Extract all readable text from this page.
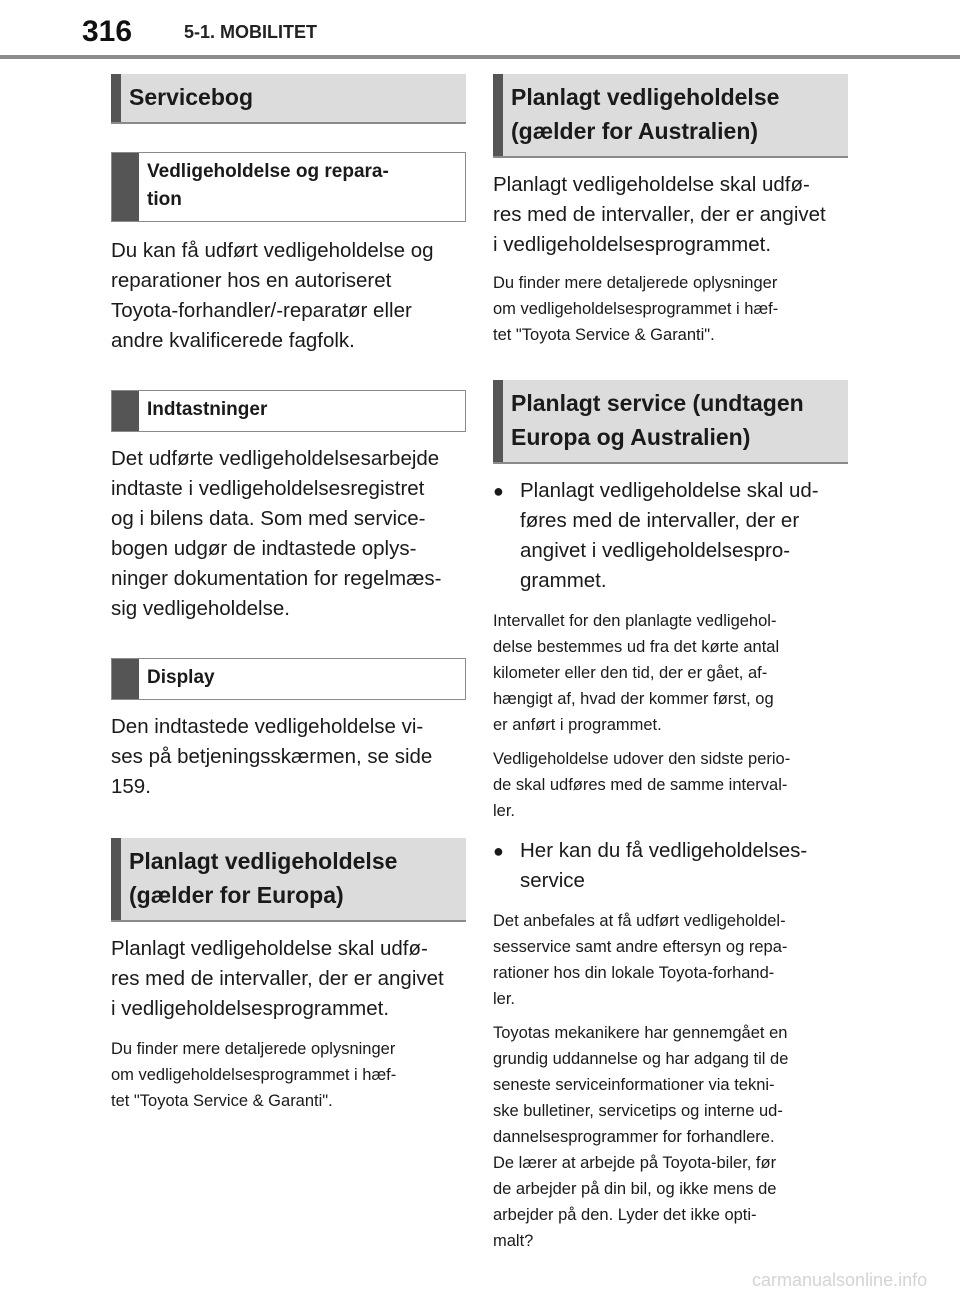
316	5-1. MOBILITET
Servicebog
Vedligeholdelse og repara-
tion

Du kan få udført vedligeholdelse og
reparationer hos en autoriseret
Toyota-forhandler/-reparatør eller
andre kvalificerede fagfolk.

Indtastninger

Det udførte vedligeholdelsesarbejde
indtaste i vedligeholdelsesregistret
og i bilens data. Som med service-
bogen udgør de indtastede oplys-
ninger dokumentation for regelmæs-
sig vedligeholdelse.

Display

Den indtastede vedligeholdelse vi-
ses på betjeningsskærmen, se side
159.

Planlagt vedligeholdelse
(gælder for Europa)

Planlagt vedligeholdelse skal udfø-
res med de intervaller, der er angivet
i vedligeholdelsesprogrammet.

Du finder mere detaljerede oplysninger
om vedligeholdelsesprogrammet i hæf-
tet "Toyota Service & Garanti".

Planlagt vedligeholdelse
(gælder for Australien)

Planlagt vedligeholdelse skal udfø-
res med de intervaller, der er angivet
i vedligeholdelsesprogrammet.

Du finder mere detaljerede oplysninger
om vedligeholdelsesprogrammet i hæf-
tet "Toyota Service & Garanti".

Planlagt service (undtagen
Europa og Australien)
● Planlagt vedligeholdelse skal ud-
føres med de intervaller, der er
angivet i vedligeholdelsespro-
grammet.

Intervallet for den planlagte vedligehol-
delse bestemmes ud fra det kørte antal
kilometer eller den tid, der er gået, af-
hængigt af, hvad der kommer først, og
er anført i programmet.

Vedligeholdelse udover den sidste perio-
de skal udføres med de samme interval-
ler.

● Her kan du få vedligeholdelses-
service

Det anbefales at få udført vedligeholdel-
sesservice samt andre eftersyn og repa-
rationer hos din lokale Toyota-forhand-
ler.

Toyotas mekanikere har gennemgået en
grundig uddannelse og har adgang til de
seneste serviceinformationer via tekni-
ske bulletiner, servicetips og interne ud-
dannelsesprogrammer for forhandlere.
De lærer at arbejde på Toyota-biler, før
de arbejder på din bil, og ikke mens de
arbejder på den. Lyder det ikke opti-
malt?

carmanualsonline.info
